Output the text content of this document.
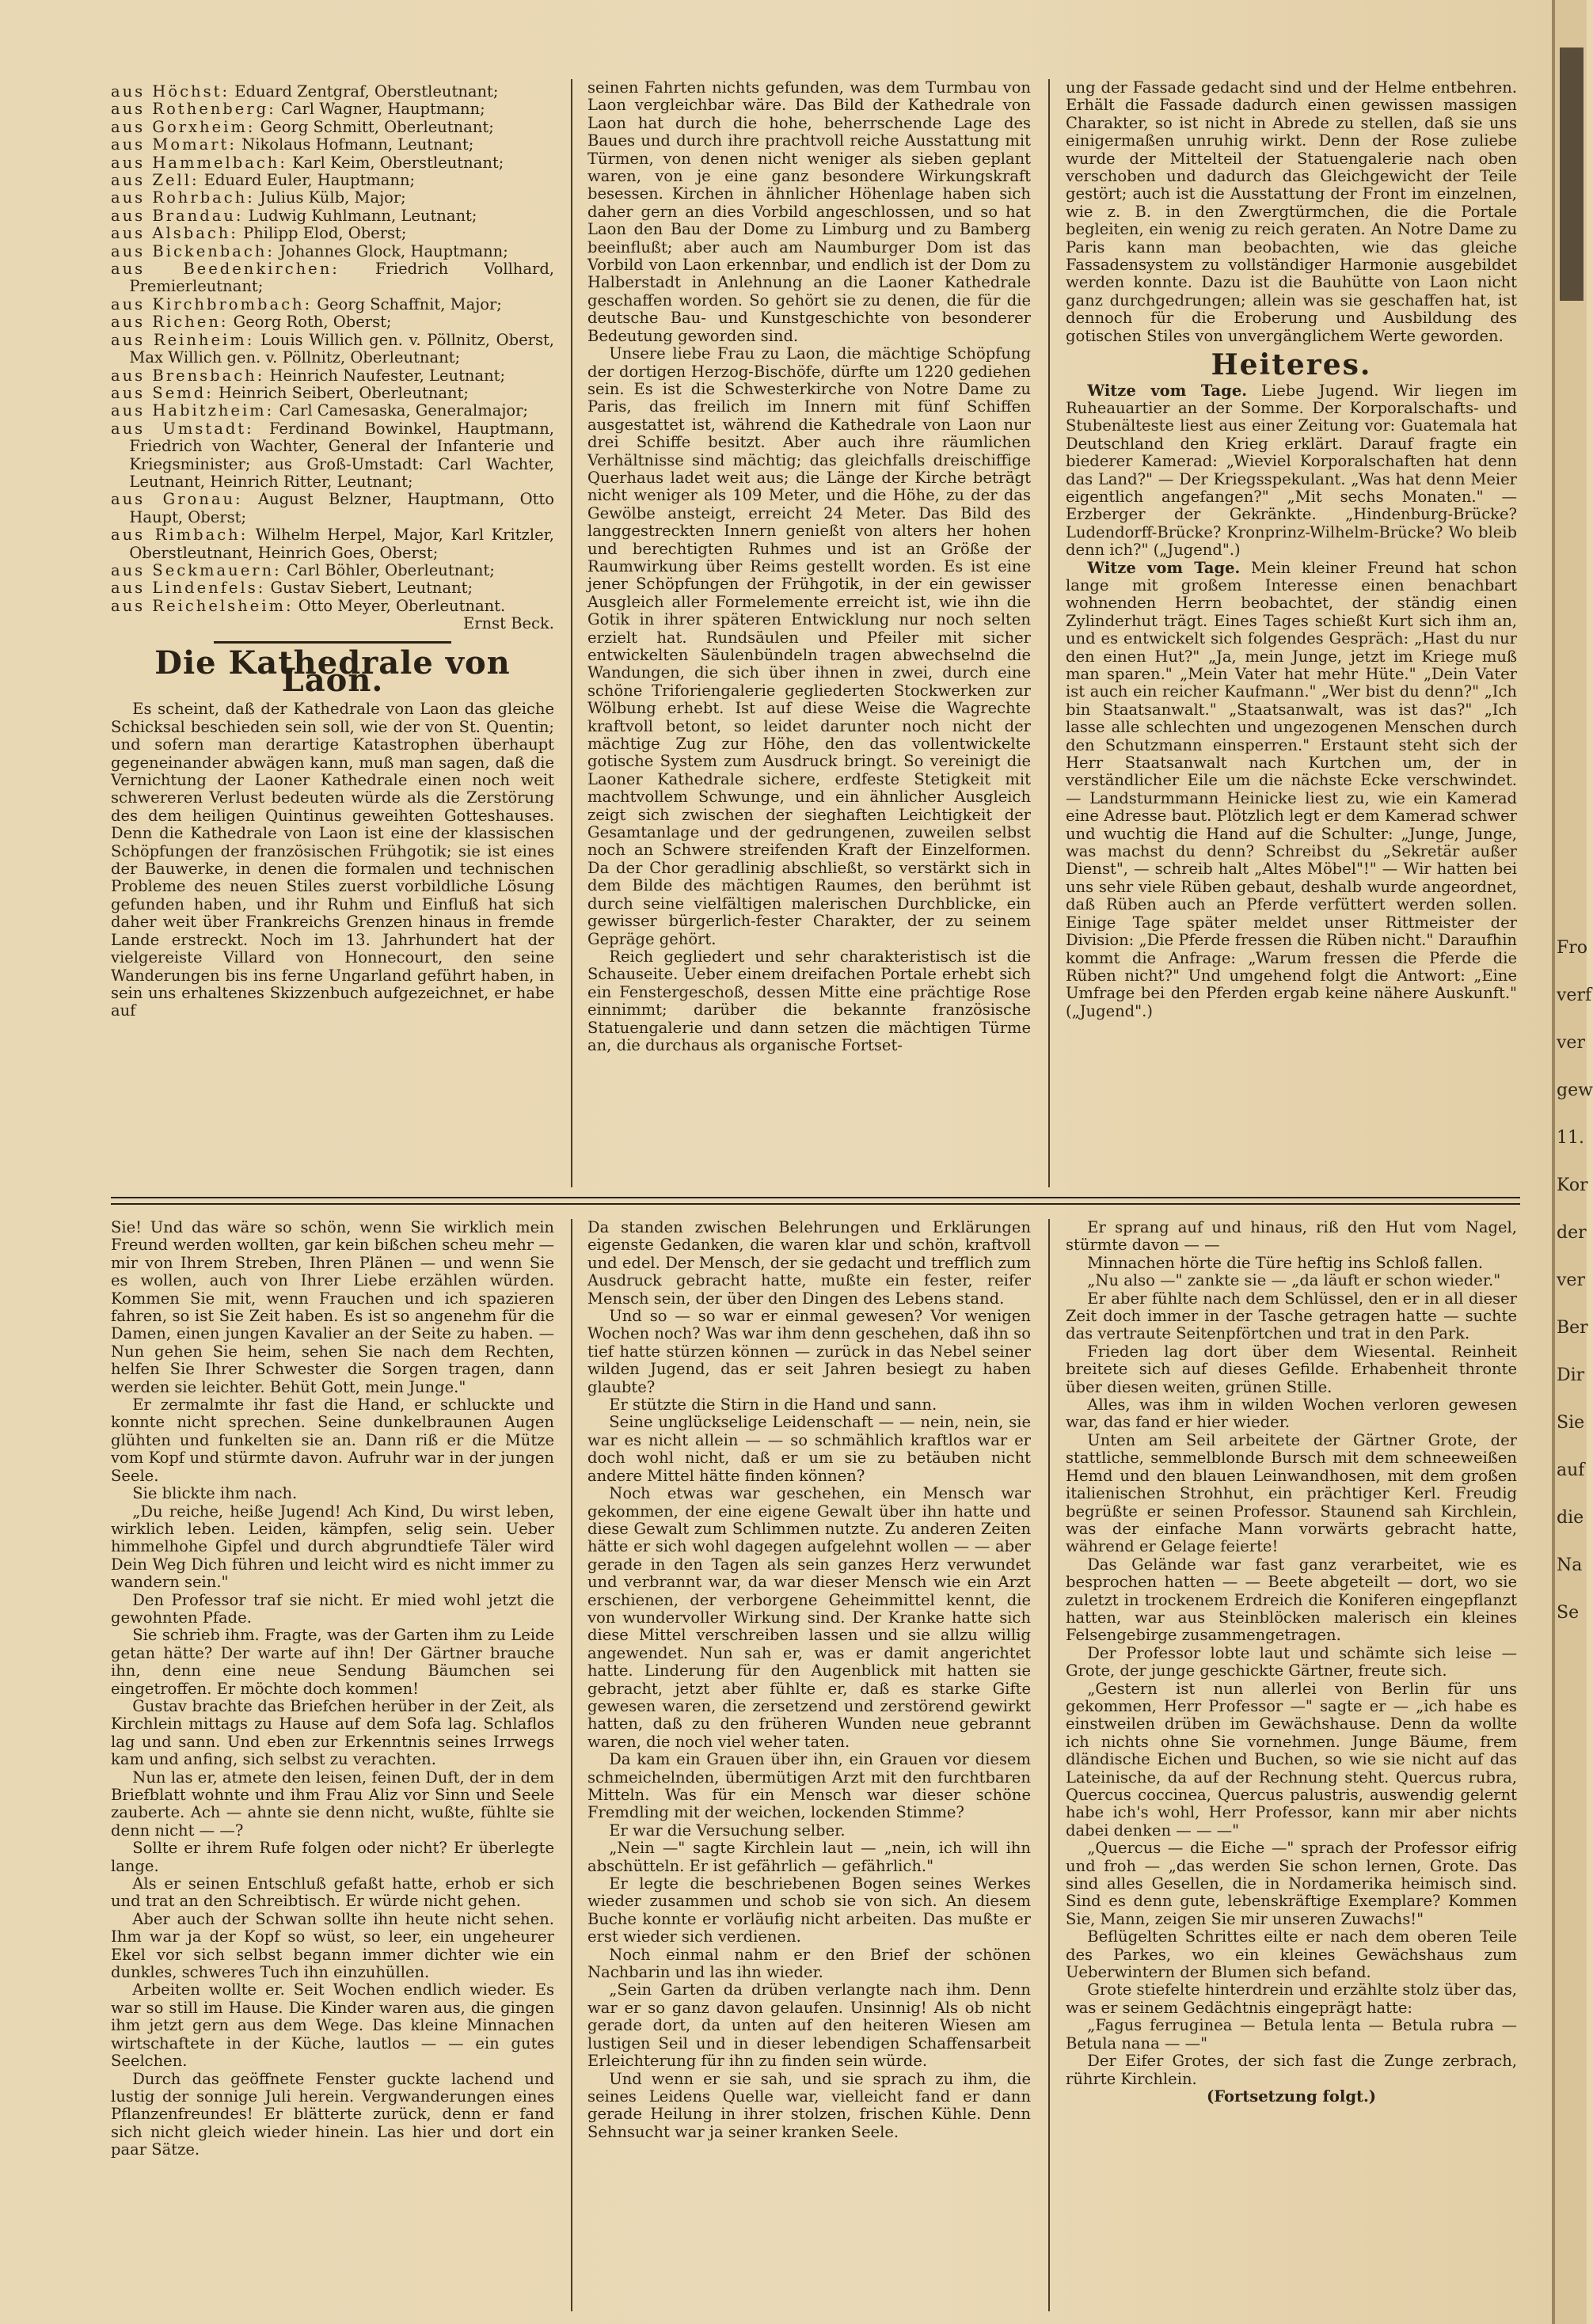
aus Höchst: Eduard Zentgraf, Oberstleutnant;
aus Rothenberg: Carl Wagner, Hauptmann;
aus Gorxheim: Georg Schmitt, Oberleutnant;
aus Momart: Nikolaus Hofmann, Leutnant;
aus Hammelbach: Karl Keim, Oberstleutnant;
aus Zell: Eduard Euler, Hauptmann;
aus Rohrbach: Julius Külb, Major;
aus Brandau: Ludwig Kuhlmann, Leutnant;
aus Alsbach: Philipp Elod, Oberst;
aus Bickenbach: Johannes Glock, Hauptmann;
aus Beedenkirchen: Friedrich Vollhard, Premierleutnant;
aus Kirchbrombach: Georg Schaffnit, Major;
aus Richen: Georg Roth, Oberst;
aus Reinheim: Louis Willich gen. v. Pöllnitz, Oberst, Max Willich gen. v. Pöllnitz, Oberleutnant;
aus Brensbach: Heinrich Naufester, Leutnant;
aus Semd: Heinrich Seibert, Oberleutnant;
aus Habitzheim: Carl Camesaska, Generalmajor;
aus Umstadt: Ferdinand Bowinkel, Hauptmann, Friedrich von Wachter, General der Infanterie und Kriegsminister; aus Groß-Umstadt: Carl Wachter, Leutnant, Heinrich Ritter, Leutnant;
aus Gronau: August Belzner, Hauptmann, Otto Haupt, Oberst;
aus Rimbach: Wilhelm Herpel, Major, Karl Kritzler, Oberstleutnant, Heinrich Goes, Oberst;
aus Seckmauern: Carl Böhler, Oberleutnant;
aus Lindenfels: Gustav Siebert, Leutnant;
aus Reichelsheim: Otto Meyer, Oberleutnant.

Ernst Beck.

Die Kathedrale von Laon.

Es scheint, daß der Kathedrale von Laon das gleiche Schicksal beschieden sein soll, wie der von St. Quentin; und sofern man derartige Katastrophen überhaupt gegeneinander abwägen kann, muß man sagen, daß die Vernichtung der Laoner Kathedrale einen noch weit schwereren Verlust bedeuten würde als die Zerstörung des dem heiligen Quintinus geweihten Gotteshauses. Denn die Kathedrale von Laon ist eine der klassischen Schöpfungen der französischen Frühgotik; sie ist eines der Bauwerke, in denen die formalen und technischen Probleme des neuen Stiles zuerst vorbildliche Lösung gefunden haben, und ihr Ruhm und Einfluß hat sich daher weit über Frankreichs Grenzen hinaus in fremde Lande erstreckt. Noch im 13. Jahrhundert hat der vielgereiste Villard von Honnecourt, den seine Wanderungen bis ins ferne Ungarland geführt haben, in sein uns erhaltenes Skizzenbuch aufgezeichnet, er habe auf

seinen Fahrten nichts gefunden, was dem Turmbau von Laon vergleichbar wäre. Das Bild der Kathedrale von Laon hat durch die hohe, beherrschende Lage des Baues und durch ihre prachtvoll reiche Ausstattung mit Türmen, von denen nicht weniger als sieben geplant waren, von je eine ganz besondere Wirkungskraft besessen. Kirchen in ähnlicher Höhenlage haben sich daher gern an dies Vorbild angeschlossen, und so hat Laon den Bau der Dome zu Limburg und zu Bamberg beeinflußt; aber auch am Naumburger Dom ist das Vorbild von Laon erkennbar, und endlich ist der Dom zu Halberstadt in Anlehnung an die Laoner Kathedrale geschaffen worden. So gehört sie zu denen, die für die deutsche Bau- und Kunstgeschichte von besonderer Bedeutung geworden sind.

Unsere liebe Frau zu Laon, die mächtige Schöpfung der dortigen Herzog-Bischöfe, dürfte um 1220 gediehen sein. Es ist die Schwesterkirche von Notre Dame zu Paris, das freilich im Innern mit fünf Schiffen ausgestattet ist, während die Kathedrale von Laon nur drei Schiffe besitzt. Aber auch ihre räumlichen Verhältnisse sind mächtig; das gleichfalls dreischiffige Querhaus ladet weit aus; die Länge der Kirche beträgt nicht weniger als 109 Meter, und die Höhe, zu der das Gewölbe ansteigt, erreicht 24 Meter. Das Bild des langgestreckten Innern genießt von alters her hohen und berechtigten Ruhmes und ist an Größe der Raumwirkung über Reims gestellt worden. Es ist eine jener Schöpfungen der Frühgotik, in der ein gewisser Ausgleich aller Formelemente erreicht ist, wie ihn die Gotik in ihrer späteren Entwicklung nur noch selten erzielt hat. Rundsäulen und Pfeiler mit sicher entwickelten Säulenbündeln tragen abwechselnd die Wandungen, die sich über ihnen in zwei, durch eine schöne Triforiengalerie gegliederten Stockwerken zur Wölbung erhebt. Ist auf diese Weise die Wagrechte kraftvoll betont, so leidet darunter noch nicht der mächtige Zug zur Höhe, den das vollentwickelte gotische System zum Ausdruck bringt. So vereinigt die Laoner Kathedrale sichere, erdfeste Stetigkeit mit machtvollem Schwunge, und ein ähnlicher Ausgleich zeigt sich zwischen der sieghaften Leichtigkeit der Gesamtanlage und der gedrungenen, zuweilen selbst noch an Schwere streifenden Kraft der Einzelformen. Da der Chor geradlinig abschließt, so verstärkt sich in dem Bilde des mächtigen Raumes, den berühmt ist durch seine vielfältigen malerischen Durchblicke, ein gewisser bürgerlich-fester Charakter, der zu seinem Gepräge gehört.

Reich gegliedert und sehr charakteristisch ist die Schauseite. Ueber einem dreifachen Portale erhebt sich ein Fenstergeschoß, dessen Mitte eine prächtige Rose einnimmt; darüber die bekannte französische Statuengalerie und dann setzen die mächtigen Türme an, die durchaus als organische Fortset-

ung der Fassade gedacht sind und der Helme entbehren. Erhält die Fassade dadurch einen gewissen massigen Charakter, so ist nicht in Abrede zu stellen, daß sie uns einigermaßen unruhig wirkt. Denn der Rose zuliebe wurde der Mittelteil der Statuengalerie nach oben verschoben und dadurch das Gleichgewicht der Teile gestört; auch ist die Ausstattung der Front im einzelnen, wie z. B. in den Zwergtürmchen, die die Portale begleiten, ein wenig zu reich geraten. An Notre Dame zu Paris kann man beobachten, wie das gleiche Fassadensystem zu vollständiger Harmonie ausgebildet werden konnte. Dazu ist die Bauhütte von Laon nicht ganz durchgedrungen; allein was sie geschaffen hat, ist dennoch für die Eroberung und Ausbildung des gotischen Stiles von unvergänglichem Werte geworden.

Heiteres.

Witze vom Tage. Liebe Jugend. Wir liegen im Ruheauartier an der Somme. Der Korporalschafts- und Stubenälteste liest aus einer Zeitung vor: Guatemala hat Deutschland den Krieg erklärt. Darauf fragte ein biederer Kamerad: „Wieviel Korporalschaften hat denn das Land?" — Der Kriegsspekulant. „Was hat denn Meier eigentlich angefangen?" „Mit sechs Monaten." — Erzberger der Gekränkte. „Hindenburg-Brücke? Ludendorff-Brücke? Kronprinz-Wilhelm-Brücke? Wo bleib denn ich?" („Jugend".)

Witze vom Tage. Mein kleiner Freund hat schon lange mit großem Interesse einen benachbart wohnenden Herrn beobachtet, der ständig einen Zylinderhut trägt. Eines Tages schießt Kurt sich ihm an, und es entwickelt sich folgendes Gespräch: „Hast du nur den einen Hut?" „Ja, mein Junge, jetzt im Kriege muß man sparen." „Mein Vater hat mehr Hüte." „Dein Vater ist auch ein reicher Kaufmann." „Wer bist du denn?" „Ich bin Staatsanwalt." „Staatsanwalt, was ist das?" „Ich lasse alle schlechten und ungezogenen Menschen durch den Schutzmann einsperren." Erstaunt steht sich der Herr Staatsanwalt nach Kurtchen um, der in verständlicher Eile um die nächste Ecke verschwindet. — Landsturmmann Heinicke liest zu, wie ein Kamerad eine Adresse baut. Plötzlich legt er dem Kamerad schwer und wuchtig die Hand auf die Schulter: „Junge, Junge, was machst du denn? Schreibst du „Sekretär außer Dienst", — schreib halt „Altes Möbel"!" — Wir hatten bei uns sehr viele Rüben gebaut, deshalb wurde angeordnet, daß Rüben auch an Pferde verfüttert werden sollen. Einige Tage später meldet unser Rittmeister der Division: „Die Pferde fressen die Rüben nicht." Daraufhin kommt die Anfrage: „Warum fressen die Pferde die Rüben nicht?" Und umgehend folgt die Antwort: „Eine Umfrage bei den Pferden ergab keine nähere Auskunft." („Jugend".)

Sie! Und das wäre so schön, wenn Sie wirklich mein Freund werden wollten, gar kein bißchen scheu mehr — mir von Ihrem Streben, Ihren Plänen — und wenn Sie es wollen, auch von Ihrer Liebe erzählen würden. Kommen Sie mit, wenn Frauchen und ich spazieren fahren, so ist Sie Zeit haben. Es ist so angenehm für die Damen, einen jungen Kavalier an der Seite zu haben. — Nun gehen Sie heim, sehen Sie nach dem Rechten, helfen Sie Ihrer Schwester die Sorgen tragen, dann werden sie leichter. Behüt Gott, mein Junge."

Er zermalmte ihr fast die Hand, er schluckte und konnte nicht sprechen. Seine dunkelbraunen Augen glühten und funkelten sie an. Dann riß er die Mütze vom Kopf und stürmte davon. Aufruhr war in der jungen Seele.

Sie blickte ihm nach.

„Du reiche, heiße Jugend! Ach Kind, Du wirst leben, wirklich leben. Leiden, kämpfen, selig sein. Ueber himmelhohe Gipfel und durch abgrundtiefe Täler wird Dein Weg Dich führen und leicht wird es nicht immer zu wandern sein."

Den Professor traf sie nicht. Er mied wohl jetzt die gewohnten Pfade.

Sie schrieb ihm. Fragte, was der Garten ihm zu Leide getan hätte? Der warte auf ihn! Der Gärtner brauche ihn, denn eine neue Sendung Bäumchen sei eingetroffen. Er möchte doch kommen!

Gustav brachte das Briefchen herüber in der Zeit, als Kirchlein mittags zu Hause auf dem Sofa lag. Schlaflos lag und sann. Und eben zur Erkenntnis seines Irrwegs kam und anfing, sich selbst zu verachten.

Nun las er, atmete den leisen, feinen Duft, der in dem Briefblatt wohnte und ihm Frau Aliz vor Sinn und Seele zauberte. Ach — ahnte sie denn nicht, wußte, fühlte sie denn nicht — —?

Sollte er ihrem Rufe folgen oder nicht? Er überlegte lange.

Als er seinen Entschluß gefaßt hatte, erhob er sich und trat an den Schreibtisch. Er würde nicht gehen.

Aber auch der Schwan sollte ihn heute nicht sehen. Ihm war ja der Kopf so wüst, so leer, ein ungeheurer Ekel vor sich selbst begann immer dichter wie ein dunkles, schweres Tuch ihn einzuhüllen.

Arbeiten wollte er. Seit Wochen endlich wieder. Es war so still im Hause. Die Kinder waren aus, die gingen ihm jetzt gern aus dem Wege. Das kleine Minnachen wirtschaftete in der Küche, lautlos — — ein gutes Seelchen.

Durch das geöffnete Fenster guckte lachend und lustig der sonnige Juli herein. Vergwanderungen eines Pflanzenfreundes! Er blätterte zurück, denn er fand sich nicht gleich wieder hinein. Las hier und dort ein paar Sätze.

Da standen zwischen Belehrungen und Erklärungen eigenste Gedanken, die waren klar und schön, kraftvoll und edel. Der Mensch, der sie gedacht und trefflich zum Ausdruck gebracht hatte, mußte ein fester, reifer Mensch sein, der über den Dingen des Lebens stand.

Und so — so war er einmal gewesen? Vor wenigen Wochen noch? Was war ihm denn geschehen, daß ihn so tief hatte stürzen können — zurück in das Nebel seiner wilden Jugend, das er seit Jahren besiegt zu haben glaubte?

Er stützte die Stirn in die Hand und sann.

Seine unglückselige Leidenschaft — — nein, nein, sie war es nicht allein — — so schmählich kraftlos war er doch wohl nicht, daß er um sie zu betäuben nicht andere Mittel hätte finden können?

Noch etwas war geschehen, ein Mensch war gekommen, der eine eigene Gewalt über ihn hatte und diese Gewalt zum Schlimmen nutzte. Zu anderen Zeiten hätte er sich wohl dagegen aufgelehnt wollen — — aber gerade in den Tagen als sein ganzes Herz verwundet und verbrannt war, da war dieser Mensch wie ein Arzt erschienen, der verborgene Geheimmittel kennt, die von wundervoller Wirkung sind. Der Kranke hatte sich diese Mittel verschreiben lassen und sie allzu willig angewendet. Nun sah er, was er damit angerichtet hatte. Linderung für den Augenblick mit hatten sie gebracht, jetzt aber fühlte er, daß es starke Gifte gewesen waren, die zersetzend und zerstörend gewirkt hatten, daß zu den früheren Wunden neue gebrannt waren, die noch viel weher taten.

Da kam ein Grauen über ihn, ein Grauen vor diesem schmeichelnden, übermütigen Arzt mit den furchtbaren Mitteln. Was für ein Mensch war dieser schöne Fremdling mit der weichen, lockenden Stimme?

Er war die Versuchung selber.

„Nein —" sagte Kirchlein laut — „nein, ich will ihn abschütteln. Er ist gefährlich — gefährlich."

Er legte die beschriebenen Bogen seines Werkes wieder zusammen und schob sie von sich. An diesem Buche konnte er vorläufig nicht arbeiten. Das mußte er erst wieder sich verdienen.

Noch einmal nahm er den Brief der schönen Nachbarin und las ihn wieder.

„Sein Garten da drüben verlangte nach ihm. Denn war er so ganz davon gelaufen. Unsinnig! Als ob nicht gerade dort, da unten auf den heiteren Wiesen am lustigen Seil und in dieser lebendigen Schaffensarbeit Erleichterung für ihn zu finden sein würde.

Und wenn er sie sah, und sie sprach zu ihm, die seines Leidens Quelle war, vielleicht fand er dann gerade Heilung in ihrer stolzen, frischen Kühle. Denn Sehnsucht war ja seiner kranken Seele.

Er sprang auf und hinaus, riß den Hut vom Nagel, stürmte davon — —

Minnachen hörte die Türe heftig ins Schloß fallen.

„Nu also —" zankte sie — „da läuft er schon wieder."

Er aber fühlte nach dem Schlüssel, den er in all dieser Zeit doch immer in der Tasche getragen hatte — suchte das vertraute Seitenpförtchen und trat in den Park.

Frieden lag dort über dem Wiesental. Reinheit breitete sich auf dieses Gefilde. Erhabenheit thronte über diesen weiten, grünen Stille.

Alles, was ihm in wilden Wochen verloren gewesen war, das fand er hier wieder.

Unten am Seil arbeitete der Gärtner Grote, der stattliche, semmelblonde Bursch mit dem schneeweißen Hemd und den blauen Leinwandhosen, mit dem großen italienischen Strohhut, ein prächtiger Kerl. Freudig begrüßte er seinen Professor. Staunend sah Kirchlein, was der einfache Mann vorwärts gebracht hatte, während er Gelage feierte!

Das Gelände war fast ganz verarbeitet, wie es besprochen hatten — — Beete abgeteilt — dort, wo sie zuletzt in trockenem Erdreich die Koniferen eingepflanzt hatten, war aus Steinblöcken malerisch ein kleines Felsengebirge zusammengetragen.

Der Professor lobte laut und schämte sich leise — Grote, der junge geschickte Gärtner, freute sich.

„Gestern ist nun allerlei von Berlin für uns gekommen, Herr Professor —" sagte er — „ich habe es einstweilen drüben im Gewächshause. Denn da wollte ich nichts ohne Sie vornehmen. Junge Bäume, frem dländische Eichen und Buchen, so wie sie nicht auf das Lateinische, da auf der Rechnung steht. Quercus rubra, Quercus coccinea, Quercus palustris, auswendig gelernt habe ich's wohl, Herr Professor, kann mir aber nichts dabei denken — — —"

„Quercus — die Eiche —" sprach der Professor eifrig und froh — „das werden Sie schon lernen, Grote. Das sind alles Gesellen, die in Nordamerika heimisch sind. Sind es denn gute, lebenskräftige Exemplare? Kommen Sie, Mann, zeigen Sie mir unseren Zuwachs!"

Beflügelten Schrittes eilte er nach dem oberen Teile des Parkes, wo ein kleines Gewächshaus zum Ueberwintern der Blumen sich befand.

Grote stiefelte hinterdrein und erzählte stolz über das, was er seinem Gedächtnis eingeprägt hatte:

„Fagus ferruginea — Betula lenta — Betula rubra — Betula nana — —"

Der Eifer Grotes, der sich fast die Zunge zerbrach, rührte Kirchlein.

(Fortsetzung folgt.)

Fro
verf
ver
gew
11.
Kor
der
ver
Ber
Dir
Sie
auf
die
Na
Se
